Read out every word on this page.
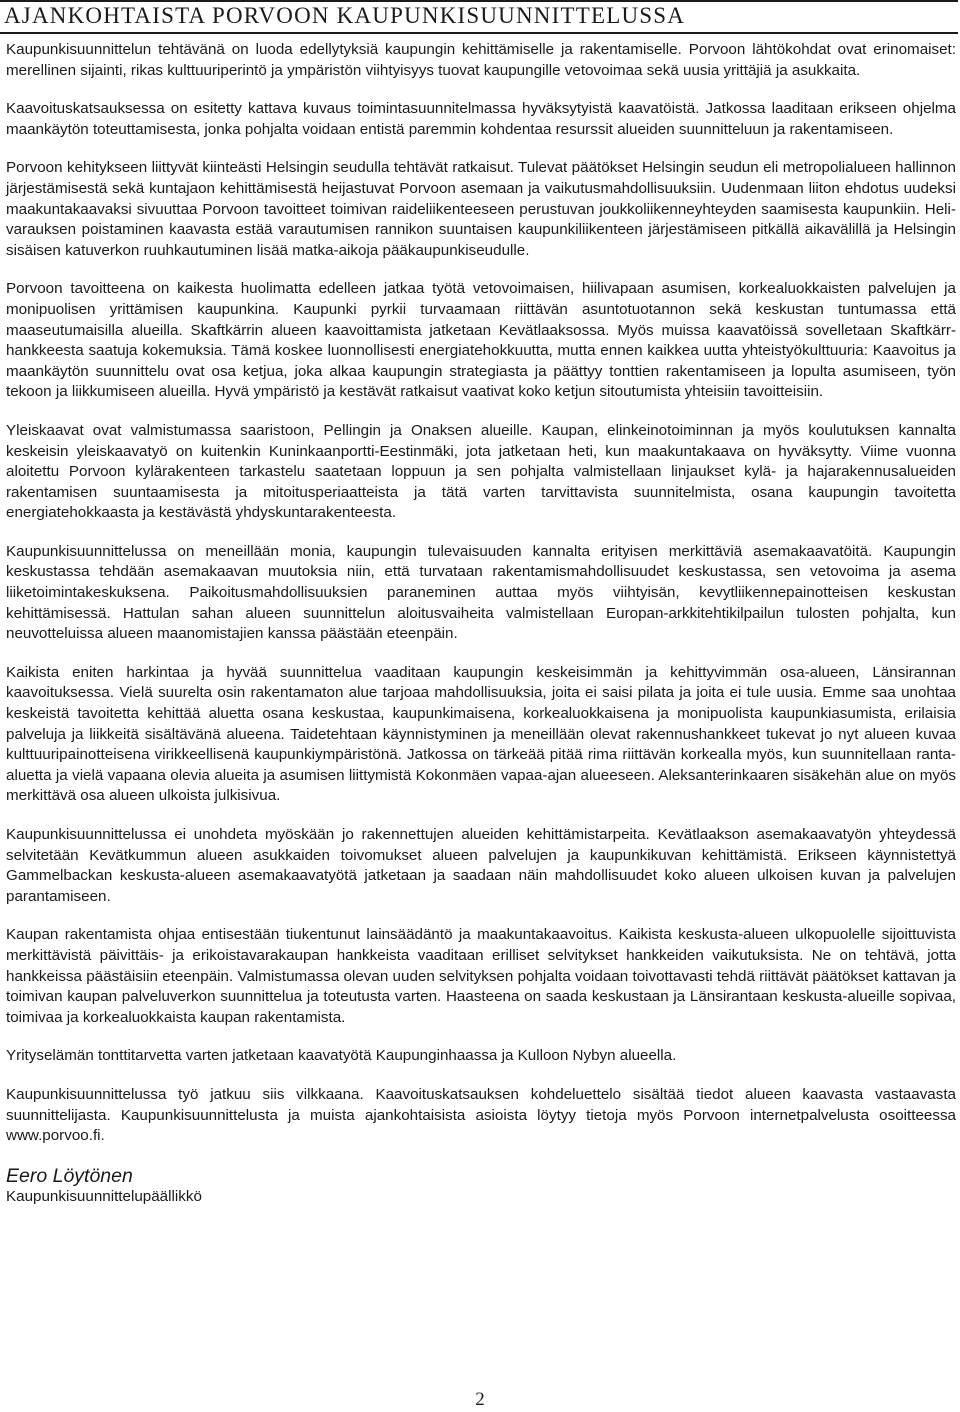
AJANKOHTAISTA PORVOON KAUPUNKISUUNNITTELUSSA

Kaupunkisuunnittelun tehtävänä on luoda edellytyksiä kaupungin kehittämiselle ja rakentamiselle. Porvoon lähtökohdat ovat erinomaiset: merellinen sijainti, rikas kulttuuriperintö ja ympäristön viihtyisyys tuovat kaupungille vetovoimaa sekä uusia yrittäjiä ja asukkaita.

Kaavoituskatsauksessa on esitetty kattava kuvaus toimintasuunnitelmassa hyväksytyistä kaavatöistä. Jatkossa laaditaan erikseen ohjelma maankäytön toteuttamisesta, jonka pohjalta voidaan entistä paremmin kohdentaa resurssit alueiden suunnitteluun ja rakentamiseen.

Porvoon kehitykseen liittyvät kiinteästi Helsingin seudulla tehtävät ratkaisut. Tulevat päätökset Helsingin seudun eli metropolialueen hallinnon järjestämisestä sekä kuntajaon kehittämisestä heijastuvat Porvoon asemaan ja vaikutusmahdollisuuksiin. Uudenmaan liiton ehdotus uudeksi maakuntakaavaksi sivuuttaa Porvoon tavoitteet toimivan raideliikenteeseen perustuvan joukkoliikenneyhteyden saamisesta kaupunkiin. Heli-varauksen poistaminen kaavasta estää varautumisen rannikon suuntaisen kaupunkiliikenteen järjestämiseen pitkällä aikavälillä ja Helsingin sisäisen katuverkon ruuhkautuminen lisää matka-aikoja pääkaupunkiseudulle.

Porvoon tavoitteena on kaikesta huolimatta edelleen jatkaa työtä vetovoimaisen, hiilivapaan asumisen, korkealuokkaisten palvelujen ja monipuolisen yrittämisen kaupunkina. Kaupunki pyrkii turvaamaan riittävän asuntotuotannon sekä keskustan tuntumassa että maaseutumaisilla alueilla. Skaftkärrin alueen kaavoittamista jatketaan Kevätlaaksossa. Myös muissa kaavatöissä sovelletaan Skaftkärr-hankkeesta saatuja kokemuksia. Tämä koskee luonnollisesti energiatehokkuutta, mutta ennen kaikkea uutta yhteistyökulttuuria: Kaavoitus ja maankäytön suunnittelu ovat osa ketjua, joka alkaa kaupungin strategiasta ja päättyy tonttien rakentamiseen ja lopulta asumiseen, työn tekoon ja liikkumiseen alueilla. Hyvä ympäristö ja kestävät ratkaisut vaativat koko ketjun sitoutumista yhteisiin tavoitteisiin.

Yleiskaavat ovat valmistumassa saaristoon, Pellingin ja Onaksen alueille. Kaupan, elinkeinotoiminnan ja myös koulutuksen kannalta keskeisin yleiskaavatyö on kuitenkin Kuninkaanportti-Eestinmäki, jota jatketaan heti, kun maakuntakaava on hyväksytty. Viime vuonna aloitettu Porvoon kylärakenteen tarkastelu saatetaan loppuun ja sen pohjalta valmistellaan linjaukset kylä- ja hajarakennusalueiden rakentamisen suuntaamisesta ja mitoitusperiaatteista ja tätä varten tarvittavista suunnitelmista, osana kaupungin tavoitetta energiatehokkaasta ja kestävästä yhdyskuntarakenteesta.

Kaupunkisuunnittelussa on meneillään monia, kaupungin tulevaisuuden kannalta erityisen merkittäviä asemakaavatöitä. Kaupungin keskustassa tehdään asemakaavan muutoksia niin, että turvataan rakentamismahdollisuudet keskustassa, sen vetovoima ja asema liiketoimintakeskuksena. Paikoitusmahdollisuuksien paraneminen auttaa myös viihtyisän, kevytliikennepainotteisen keskustan kehittämisessä. Hattulan sahan alueen suunnittelun aloitusvaiheita valmistellaan Europan-arkkitehtikilpailun tulosten pohjalta, kun neuvotteluissa alueen maanomistajien kanssa päästään eteenpäin.

Kaikista eniten harkintaa ja hyvää suunnittelua vaaditaan kaupungin keskeisimmän ja kehittyvimmän osa-alueen, Länsirannan kaavoituksessa. Vielä suurelta osin rakentamaton alue tarjoaa mahdollisuuksia, joita ei saisi pilata ja joita ei tule uusia. Emme saa unohtaa keskeistä tavoitetta kehittää aluetta osana keskustaa, kaupunkimaisena, korkealuokkaisena ja monipuolista kaupunkiasumista, erilaisia palveluja ja liikkeitä sisältävänä alueena. Taidetehtaan käynnistyminen ja meneillään olevat rakennushankkeet tukevat jo nyt alueen kuvaa kulttuuripainotteisena virikkeellisenä kaupunkiympäristönä. Jatkossa on tärkeää pitää rima riittävän korkealla myös, kun suunnitellaan ranta-aluetta ja vielä vapaana olevia alueita ja asumisen liittymistä Kokonmäen vapaa-ajan alueeseen. Aleksanterinkaaren sisäkehän alue on myös merkittävä osa alueen ulkoista julkisivua.

Kaupunkisuunnittelussa ei unohdeta myöskään jo rakennettujen alueiden kehittämistarpeita. Kevätlaakson asemakaavatyön yhteydessä selvitetään Kevätkummun alueen asukkaiden toivomukset alueen palvelujen ja kaupunkikuvan kehittämistä. Erikseen käynnistettyä Gammelbackan keskusta-alueen asemakaavatyötä jatketaan ja saadaan näin mahdollisuudet koko alueen ulkoisen kuvan ja palvelujen parantamiseen.

Kaupan rakentamista ohjaa entisestään tiukentunut lainsäädäntö ja maakuntakaavoitus. Kaikista keskusta-alueen ulkopuolelle sijoittuvista merkittävistä päivittäis- ja erikoistavarakaupan hankkeista vaaditaan erilliset selvitykset hankkeiden vaikutuksista. Ne on tehtävä, jotta hankkeissa päästäisiin eteenpäin. Valmistumassa olevan uuden selvityksen pohjalta voidaan toivottavasti tehdä riittävät päätökset kattavan ja toimivan kaupan palveluverkon suunnittelua ja toteutusta varten. Haasteena on saada keskustaan ja Länsirantaan keskusta-alueille sopivaa, toimivaa ja korkealuokkaista kaupan rakentamista.

Yrityselämän tonttitarvetta varten jatketaan kaavatyötä Kaupunginhaassa ja Kulloon Nybyn alueella.

Kaupunkisuunnittelussa työ jatkuu siis vilkkaana. Kaavoituskatsauksen kohdeluettelo sisältää tiedot alueen kaavasta vastaavasta suunnittelijasta. Kaupunkisuunnittelusta ja muista ajankohtaisista asioista löytyy tietoja myös Porvoon internetpalvelusta osoitteessa www.porvoo.fi.

Eero Löytönen
Kaupunkisuunnittelupäällikkö
2
